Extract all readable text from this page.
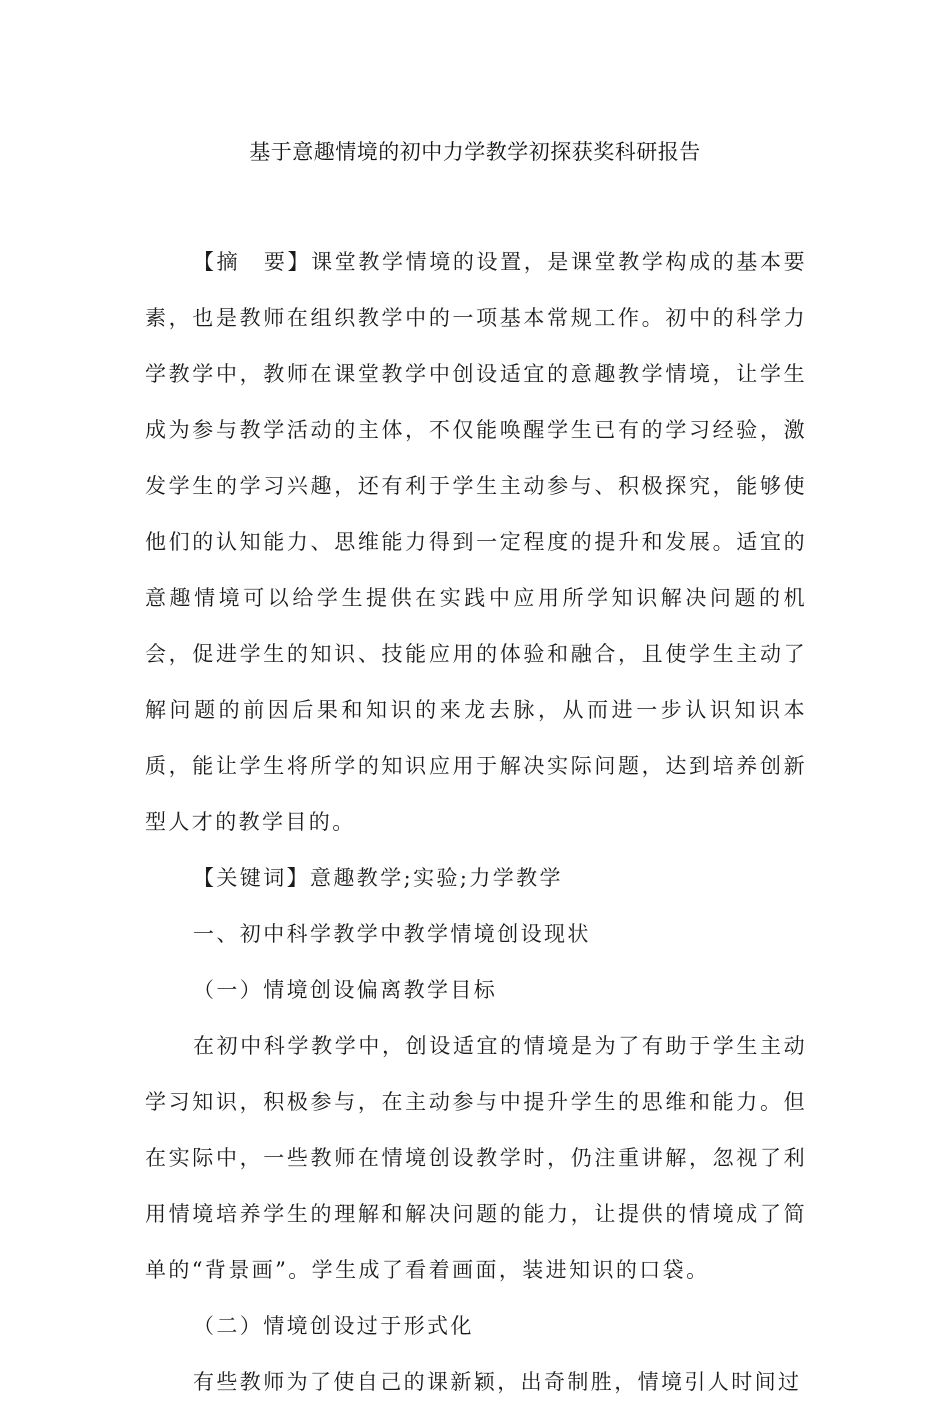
基于意趣情境的初中力学教学初探获奖科研报告

【摘　要】课堂教学情境的设置，是课堂教学构成的基本要素，也是教师在组织教学中的一项基本常规工作。初中的科学力学教学中，教师在课堂教学中创设适宜的意趣教学情境，让学生成为参与教学活动的主体，不仅能唤醒学生已有的学习经验，激发学生的学习兴趣，还有利于学生主动参与、积极探究，能够使他们的认知能力、思维能力得到一定程度的提升和发展。适宜的意趣情境可以给学生提供在实践中应用所学知识解决问题的机会，促进学生的知识、技能应用的体验和融合，且使学生主动了解问题的前因后果和知识的来龙去脉，从而进一步认识知识本质，能让学生将所学的知识应用于解决实际问题，达到培养创新型人才的教学目的。

【关键词】意趣教学;实验;力学教学

一、初中科学教学中教学情境创设现状

（一）情境创设偏离教学目标

在初中科学教学中，创设适宜的情境是为了有助于学生主动学习知识，积极参与，在主动参与中提升学生的思维和能力。但在实际中，一些教师在情境创设教学时，仍注重讲解，忽视了利用情境培养学生的理解和解决问题的能力，让提供的情境成了简单的“背景画”。学生成了看着画面，装进知识的口袋。

（二）情境创设过于形式化

有些教师为了使自己的课新颖，出奇制胜，情境引人时间过
